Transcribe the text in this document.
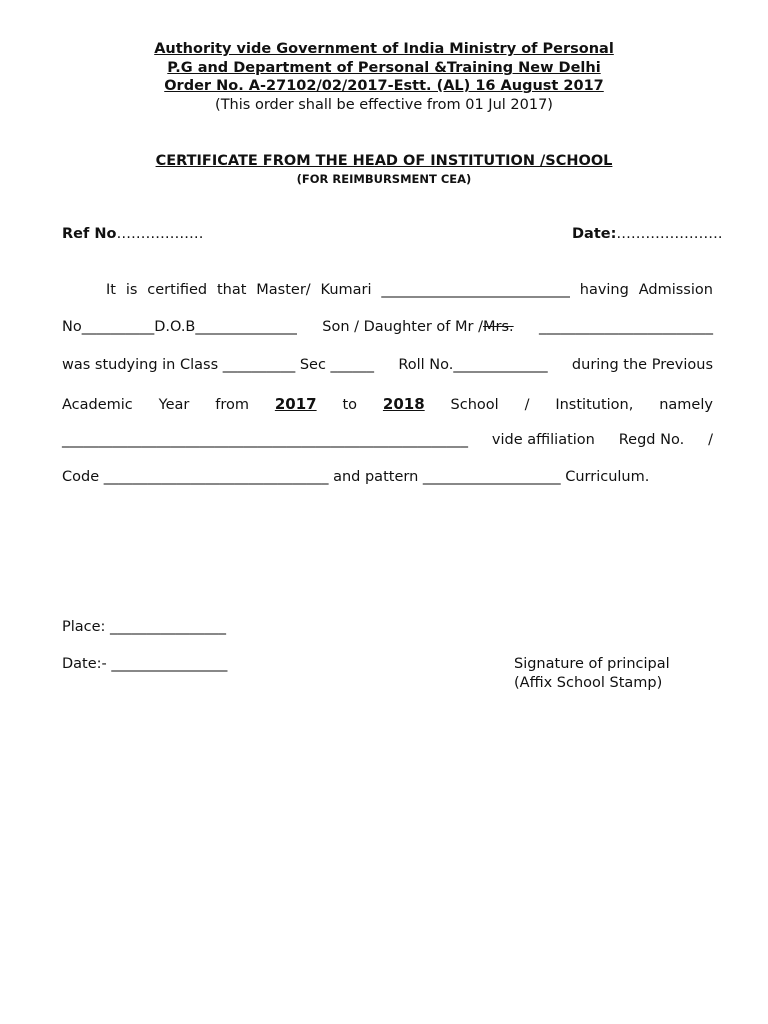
Authority vide Government of India Ministry of Personal
P.G and Department of Personal &Training New Delhi
Order No. A-27102/02/2017-Estt. (AL) 16 August 2017
(This order shall be effective from 01 Jul 2017)
CERTIFICATE FROM THE HEAD OF INSTITUTION /SCHOOL
(FOR REIMBURSMENT CEA)
Ref No………………	Date:………………….
It is certified that Master/ Kumari __________________________ having Admission
No__________D.O.B______________ Son / Daughter of Mr /Mrs. ________________________
was studying in Class __________ Sec ______ Roll No._____________ during the Previous
Academic Year from 2017 to 2018 School / Institution, namely
________________________________________________________ vide affiliation Regd No. /
Code _______________________________ and pattern ___________________ Curriculum.
Place: ________________
Date:- ________________	Signature of principal
(Affix School Stamp)
